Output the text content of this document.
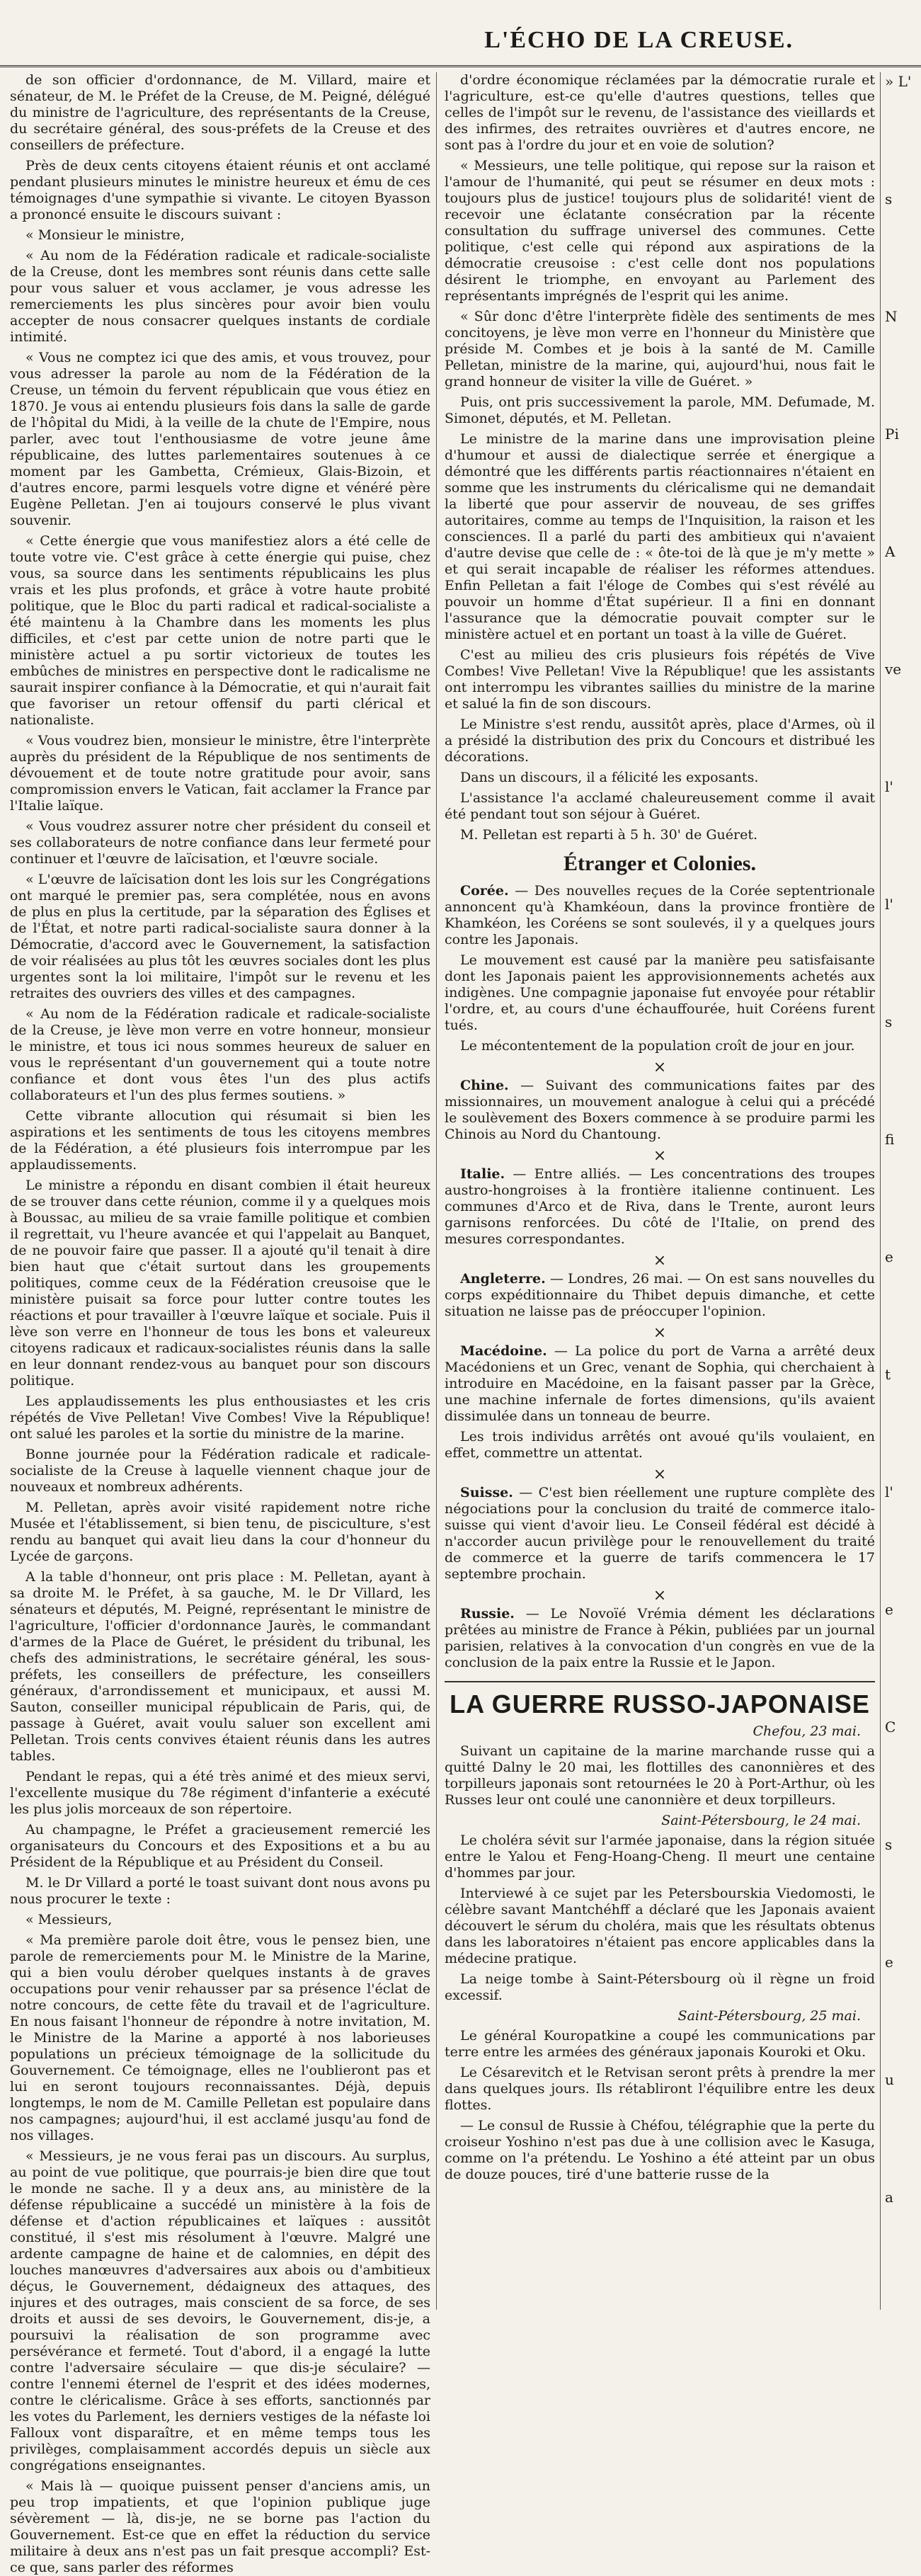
L'ÉCHO DE LA CREUSE.

de son officier d'ordonnance, de M. Villard, maire et sénateur, de M. le Préfet de la Creuse, de M. Peigné, délégué du ministre de l'agriculture, des représentants de la Creuse, du secrétaire général, des sous-préfets de la Creuse et des conseillers de préfecture.

Près de deux cents citoyens étaient réunis et ont acclamé pendant plusieurs minutes le ministre heureux et ému de ces témoignages d'une sympathie si vivante. Le citoyen Byasson a prononcé ensuite le discours suivant :

« Monsieur le ministre,

« Au nom de la Fédération radicale et radicale-socialiste de la Creuse, dont les membres sont réunis dans cette salle pour vous saluer et vous acclamer, je vous adresse les remerciements les plus sincères pour avoir bien voulu accepter de nous consacrer quelques instants de cordiale intimité.

« Vous ne comptez ici que des amis, et vous trouvez, pour vous adresser la parole au nom de la Fédération de la Creuse, un témoin du fervent républicain que vous étiez en 1870. Je vous ai entendu plusieurs fois dans la salle de garde de l'hôpital du Midi, à la veille de la chute de l'Empire, nous parler, avec tout l'enthousiasme de votre jeune âme républicaine, des luttes parlementaires soutenues à ce moment par les Gambetta, Crémieux, Glais-Bizoin, et d'autres encore, parmi lesquels votre digne et vénéré père Eugène Pelletan. J'en ai toujours conservé le plus vivant souvenir.

« Cette énergie que vous manifestiez alors a été celle de toute votre vie. C'est grâce à cette énergie qui puise, chez vous, sa source dans les sentiments républicains les plus vrais et les plus profonds, et grâce à votre haute probité politique, que le Bloc du parti radical et radical-socialiste a été maintenu à la Chambre dans les moments les plus difficiles, et c'est par cette union de notre parti que le ministère actuel a pu sortir victorieux de toutes les embûches de ministres en perspective dont le radicalisme ne saurait inspirer confiance à la Démocratie, et qui n'aurait fait que favoriser un retour offensif du parti clérical et nationaliste.

« Vous voudrez bien, monsieur le ministre, être l'interprète auprès du président de la République de nos sentiments de dévouement et de toute notre gratitude pour avoir, sans compromission envers le Vatican, fait acclamer la France par l'Italie laïque.

« Vous voudrez assurer notre cher président du conseil et ses collaborateurs de notre confiance dans leur fermeté pour continuer et l'œuvre de laïcisation, et l'œuvre sociale.

« L'œuvre de laïcisation dont les lois sur les Congrégations ont marqué le premier pas, sera complétée, nous en avons de plus en plus la certitude, par la séparation des Églises et de l'État, et notre parti radical-socialiste saura donner à la Démocratie, d'accord avec le Gouvernement, la satisfaction de voir réalisées au plus tôt les œuvres sociales dont les plus urgentes sont la loi militaire, l'impôt sur le revenu et les retraites des ouvriers des villes et des campagnes.

« Au nom de la Fédération radicale et radicale-socialiste de la Creuse, je lève mon verre en votre honneur, monsieur le ministre, et tous ici nous sommes heureux de saluer en vous le représentant d'un gouvernement qui a toute notre confiance et dont vous êtes l'un des plus actifs collaborateurs et l'un des plus fermes soutiens. »

Cette vibrante allocution qui résumait si bien les aspirations et les sentiments de tous les citoyens membres de la Fédération, a été plusieurs fois interrompue par les applaudissements.

Le ministre a répondu en disant combien il était heureux de se trouver dans cette réunion, comme il y a quelques mois à Boussac, au milieu de sa vraie famille politique et combien il regrettait, vu l'heure avancée et qui l'appelait au Banquet, de ne pouvoir faire que passer. Il a ajouté qu'il tenait à dire bien haut que c'était surtout dans les groupements politiques, comme ceux de la Fédération creusoise que le ministère puisait sa force pour lutter contre toutes les réactions et pour travailler à l'œuvre laïque et sociale. Puis il lève son verre en l'honneur de tous les bons et valeureux citoyens radicaux et radicaux-socialistes réunis dans la salle en leur donnant rendez-vous au banquet pour son discours politique.

Les applaudissements les plus enthousiastes et les cris répétés de Vive Pelletan! Vive Combes! Vive la République! ont salué les paroles et la sortie du ministre de la marine.

Bonne journée pour la Fédération radicale et radicale-socialiste de la Creuse à laquelle viennent chaque jour de nouveaux et nombreux adhérents.

M. Pelletan, après avoir visité rapidement notre riche Musée et l'établissement, si bien tenu, de pisciculture, s'est rendu au banquet qui avait lieu dans la cour d'honneur du Lycée de garçons.

A la table d'honneur, ont pris place : M. Pelletan, ayant à sa droite M. le Préfet, à sa gauche, M. le Dr Villard, les sénateurs et députés, M. Peigné, représentant le ministre de l'agriculture, l'officier d'ordonnance Jaurès, le commandant d'armes de la Place de Guéret, le président du tribunal, les chefs des administrations, le secrétaire général, les sous-préfets, les conseillers de préfecture, les conseillers généraux, d'arrondissement et municipaux, et aussi M. Sauton, conseiller municipal républicain de Paris, qui, de passage à Guéret, avait voulu saluer son excellent ami Pelletan. Trois cents convives étaient réunis dans les autres tables.

Pendant le repas, qui a été très animé et des mieux servi, l'excellente musique du 78e régiment d'infanterie a exécuté les plus jolis morceaux de son répertoire.

Au champagne, le Préfet a gracieusement remercié les organisateurs du Concours et des Expositions et a bu au Président de la République et au Président du Conseil.

M. le Dr Villard a porté le toast suivant dont nous avons pu nous procurer le texte :

« Messieurs,

« Ma première parole doit être, vous le pensez bien, une parole de remerciements pour M. le Ministre de la Marine, qui a bien voulu dérober quelques instants à de graves occupations pour venir rehausser par sa présence l'éclat de notre concours, de cette fête du travail et de l'agriculture. En nous faisant l'honneur de répondre à notre invitation, M. le Ministre de la Marine a apporté à nos laborieuses populations un précieux témoignage de la sollicitude du Gouvernement. Ce témoignage, elles ne l'oublieront pas et lui en seront toujours reconnaissantes. Déjà, depuis longtemps, le nom de M. Camille Pelletan est populaire dans nos campagnes; aujourd'hui, il est acclamé jusqu'au fond de nos villages.

« Messieurs, je ne vous ferai pas un discours. Au surplus, au point de vue politique, que pourrais-je bien dire que tout le monde ne sache. Il y a deux ans, au ministère de la défense républicaine a succédé un ministère à la fois de défense et d'action républicaines et laïques : aussitôt constitué, il s'est mis résolument à l'œuvre. Malgré une ardente campagne de haine et de calomnies, en dépit des louches manœuvres d'adversaires aux abois ou d'ambitieux déçus, le Gouvernement, dédaigneux des attaques, des injures et des outrages, mais conscient de sa force, de ses droits et aussi de ses devoirs, le Gouvernement, dis-je, a poursuivi la réalisation de son programme avec persévérance et fermeté. Tout d'abord, il a engagé la lutte contre l'adversaire séculaire — que dis-je séculaire? — contre l'ennemi éternel de l'esprit et des idées modernes, contre le cléricalisme. Grâce à ses efforts, sanctionnés par les votes du Parlement, les derniers vestiges de la néfaste loi Falloux vont disparaître, et en même temps tous les privilèges, complaisamment accordés depuis un siècle aux congrégations enseignantes.

« Mais là — quoique puissent penser d'anciens amis, un peu trop impatients, et que l'opinion publique juge sévèrement — là, dis-je, ne se borne pas l'action du Gouvernement. Est-ce que en effet la réduction du service militaire à deux ans n'est pas un fait presque accompli? Est-ce que, sans parler des réformes

d'ordre économique réclamées par la démocratie rurale et l'agriculture, est-ce qu'elle d'autres questions, telles que celles de l'impôt sur le revenu, de l'assistance des vieillards et des infirmes, des retraites ouvrières et d'autres encore, ne sont pas à l'ordre du jour et en voie de solution?

« Messieurs, une telle politique, qui repose sur la raison et l'amour de l'humanité, qui peut se résumer en deux mots : toujours plus de justice! toujours plus de solidarité! vient de recevoir une éclatante consécration par la récente consultation du suffrage universel des communes. Cette politique, c'est celle qui répond aux aspirations de la démocratie creusoise : c'est celle dont nos populations désirent le triomphe, en envoyant au Parlement des représentants imprégnés de l'esprit qui les anime.

« Sûr donc d'être l'interprète fidèle des sentiments de mes concitoyens, je lève mon verre en l'honneur du Ministère que préside M. Combes et je bois à la santé de M. Camille Pelletan, ministre de la marine, qui, aujourd'hui, nous fait le grand honneur de visiter la ville de Guéret. »

Puis, ont pris successivement la parole, MM. Defumade, M. Simonet, députés, et M. Pelletan.

Le ministre de la marine dans une improvisation pleine d'humour et aussi de dialectique serrée et énergique a démontré que les différents partis réactionnaires n'étaient en somme que les instruments du cléricalisme qui ne demandait la liberté que pour asservir de nouveau, de ses griffes autoritaires, comme au temps de l'Inquisition, la raison et les consciences. Il a parlé du parti des ambitieux qui n'avaient d'autre devise que celle de : « ôte-toi de là que je m'y mette » et qui serait incapable de réaliser les réformes attendues. Enfin Pelletan a fait l'éloge de Combes qui s'est révélé au pouvoir un homme d'État supérieur. Il a fini en donnant l'assurance que la démocratie pouvait compter sur le ministère actuel et en portant un toast à la ville de Guéret.

C'est au milieu des cris plusieurs fois répétés de Vive Combes! Vive Pelletan! Vive la République! que les assistants ont interrompu les vibrantes saillies du ministre de la marine et salué la fin de son discours.

Le Ministre s'est rendu, aussitôt après, place d'Armes, où il a présidé la distribution des prix du Concours et distribué les décorations.

Dans un discours, il a félicité les exposants.

L'assistance l'a acclamé chaleureusement comme il avait été pendant tout son séjour à Guéret.

M. Pelletan est reparti à 5 h. 30' de Guéret.

Étranger et Colonies.

Corée. — Des nouvelles reçues de la Corée septentrionale annoncent qu'à Khamkéoun, dans la province frontière de Khamkéon, les Coréens se sont soulevés, il y a quelques jours contre les Japonais.

Le mouvement est causé par la manière peu satisfaisante dont les Japonais paient les approvisionnements achetés aux indigènes. Une compagnie japonaise fut envoyée pour rétablir l'ordre, et, au cours d'une échauffourée, huit Coréens furent tués.

Le mécontentement de la population croît de jour en jour.

×

Chine. — Suivant des communications faites par des missionnaires, un mouvement analogue à celui qui a précédé le soulèvement des Boxers commence à se produire parmi les Chinois au Nord du Chantoung.

×

Italie. — Entre alliés. — Les concentrations des troupes austro-hongroises à la frontière italienne continuent. Les communes d'Arco et de Riva, dans le Trente, auront leurs garnisons renforcées. Du côté de l'Italie, on prend des mesures correspondantes.

×

Angleterre. — Londres, 26 mai. — On est sans nouvelles du corps expéditionnaire du Thibet depuis dimanche, et cette situation ne laisse pas de préoccuper l'opinion.

×

Macédoine. — La police du port de Varna a arrêté deux Macédoniens et un Grec, venant de Sophia, qui cherchaient à introduire en Macédoine, en la faisant passer par la Grèce, une machine infernale de fortes dimensions, qu'ils avaient dissimulée dans un tonneau de beurre.

Les trois individus arrêtés ont avoué qu'ils voulaient, en effet, commettre un attentat.

×

Suisse. — C'est bien réellement une rupture complète des négociations pour la conclusion du traité de commerce italo-suisse qui vient d'avoir lieu. Le Conseil fédéral est décidé à n'accorder aucun privilège pour le renouvellement du traité de commerce et la guerre de tarifs commencera le 17 septembre prochain.

×

Russie. — Le Novoïé Vrémia dément les déclarations prêtées au ministre de France à Pékin, publiées par un journal parisien, relatives à la convocation d'un congrès en vue de la conclusion de la paix entre la Russie et le Japon.

LA GUERRE RUSSO-JAPONAISE
Chefou, 23 mai.

Suivant un capitaine de la marine marchande russe qui a quitté Dalny le 20 mai, les flottilles des canonnières et des torpilleurs japonais sont retournées le 20 à Port-Arthur, où les Russes leur ont coulé une canonnière et deux torpilleurs.

Saint-Pétersbourg, le 24 mai.

Le choléra sévit sur l'armée japonaise, dans la région située entre le Yalou et Feng-Hoang-Cheng. Il meurt une centaine d'hommes par jour.

Interviewé à ce sujet par les Petersbourskia Viedomosti, le célèbre savant Mantchéhff a déclaré que les Japonais avaient découvert le sérum du choléra, mais que les résultats obtenus dans les laboratoires n'étaient pas encore applicables dans la médecine pratique.

La neige tombe à Saint-Pétersbourg où il règne un froid excessif.

Saint-Pétersbourg, 25 mai.

Le général Kouropatkine a coupé les communications par terre entre les armées des généraux japonais Kouroki et Oku.

Le Césarevitch et le Retvisan seront prêts à prendre la mer dans quelques jours. Ils rétabliront l'équilibre entre les deux flottes.

— Le consul de Russie à Chéfou, télégraphie que la perte du croiseur Yoshino n'est pas due à une collision avec le Kasuga, comme on l'a prétendu. Le Yoshino a été atteint par un obus de douze pouces, tiré d'une batterie russe de la

» L'
s
N
Pi
A
ve
l'
l'
s
fi
e
t
l'
e
C
s
e
u
a
